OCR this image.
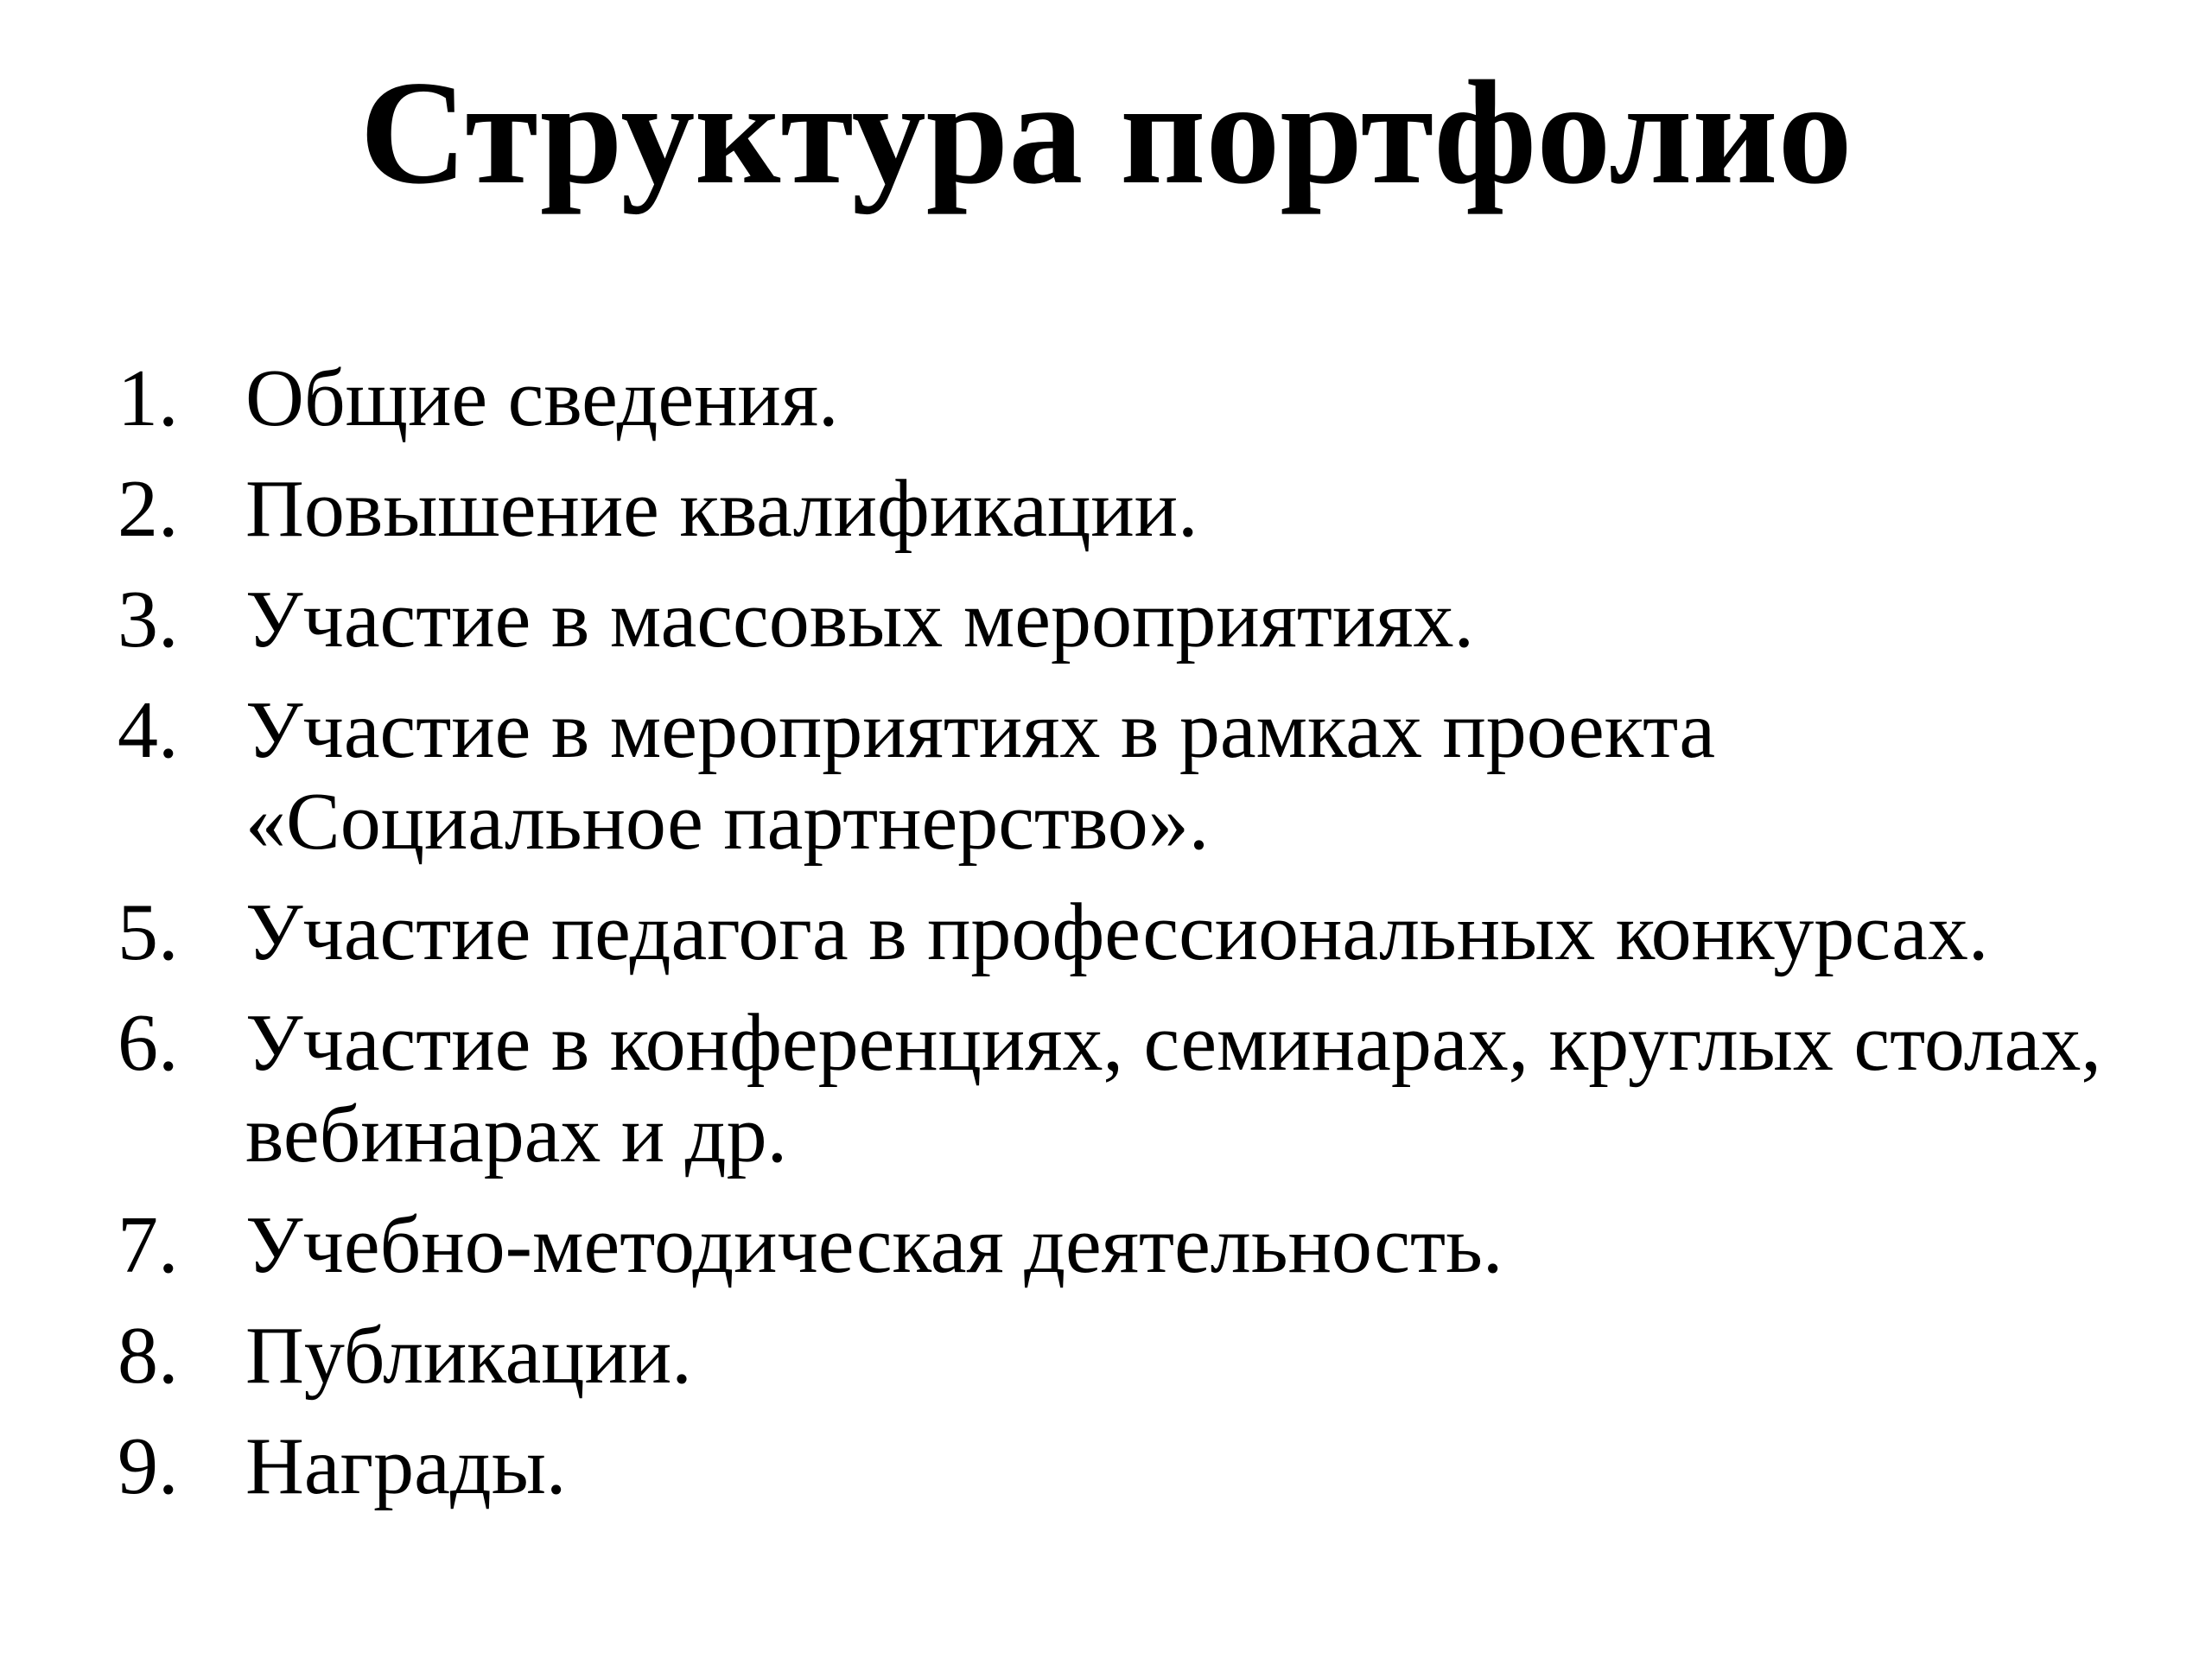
Структура портфолио
1. Общие сведения.
2. Повышение квалификации.
3. Участие в массовых мероприятиях.
4. Участие в мероприятиях в рамках проекта
«Социальное партнерство».
5. Участие педагога в профессиональных конкурсах.
6. Участие в конференциях, семинарах, круглых столах,
вебинарах и др.
7. Учебно-методическая деятельность.
8. Публикации.
9. Награды.
